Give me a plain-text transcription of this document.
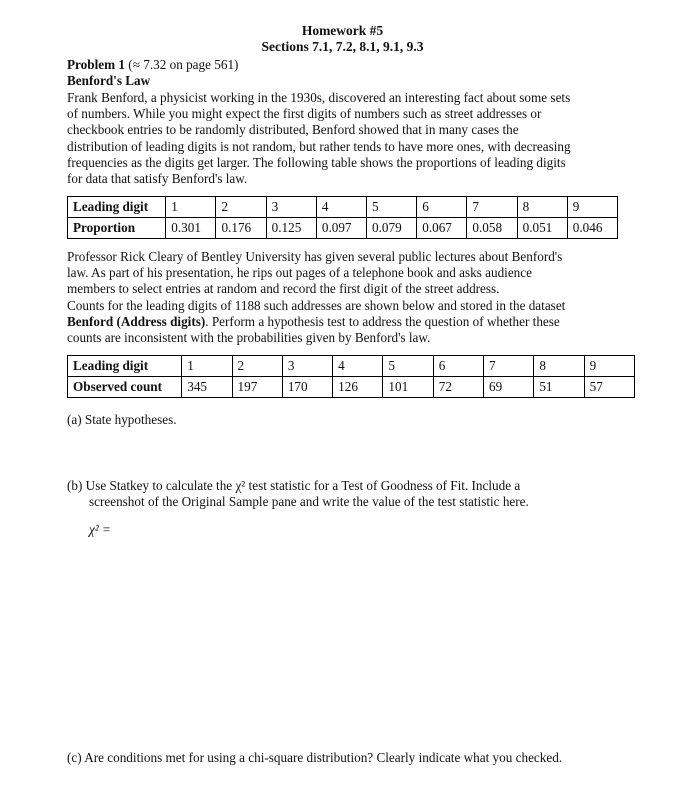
Homework #5
Sections 7.1, 7.2, 8.1, 9.1, 9.3
Problem 1 (≈ 7.32 on page 561)
Benford's Law
Frank Benford, a physicist working in the 1930s, discovered an interesting fact about some sets
of numbers. While you might expect the first digits of numbers such as street addresses or
checkbook entries to be randomly distributed, Benford showed that in many cases the
distribution of leading digits is not random, but rather tends to have more ones, with decreasing
frequencies as the digits get larger. The following table shows the proportions of leading digits
for data that satisfy Benford's law.
Leading digit	1	2	3	4	5	6	7	8	9
Proportion	0.301	0.176	0.125	0.097	0.079	0.067	0.058	0.051	0.046
Professor Rick Cleary of Bentley University has given several public lectures about Benford's
law. As part of his presentation, he rips out pages of a telephone book and asks audience
members to select entries at random and record the first digit of the street address.
Counts for the leading digits of 1188 such addresses are shown below and stored in the dataset
Benford (Address digits). Perform a hypothesis test to address the question of whether these
counts are inconsistent with the probabilities given by Benford's law.
Leading digit	1	2	3	4	5	6	7	8	9
Observed count	345	197	170	126	101	72	69	51	57
(a) State hypotheses.
(b) Use Statkey to calculate the χ² test statistic for a Test of Goodness of Fit. Include a
screenshot of the Original Sample pane and write the value of the test statistic here.
χ² =
(c) Are conditions met for using a chi-square distribution? Clearly indicate what you checked.
